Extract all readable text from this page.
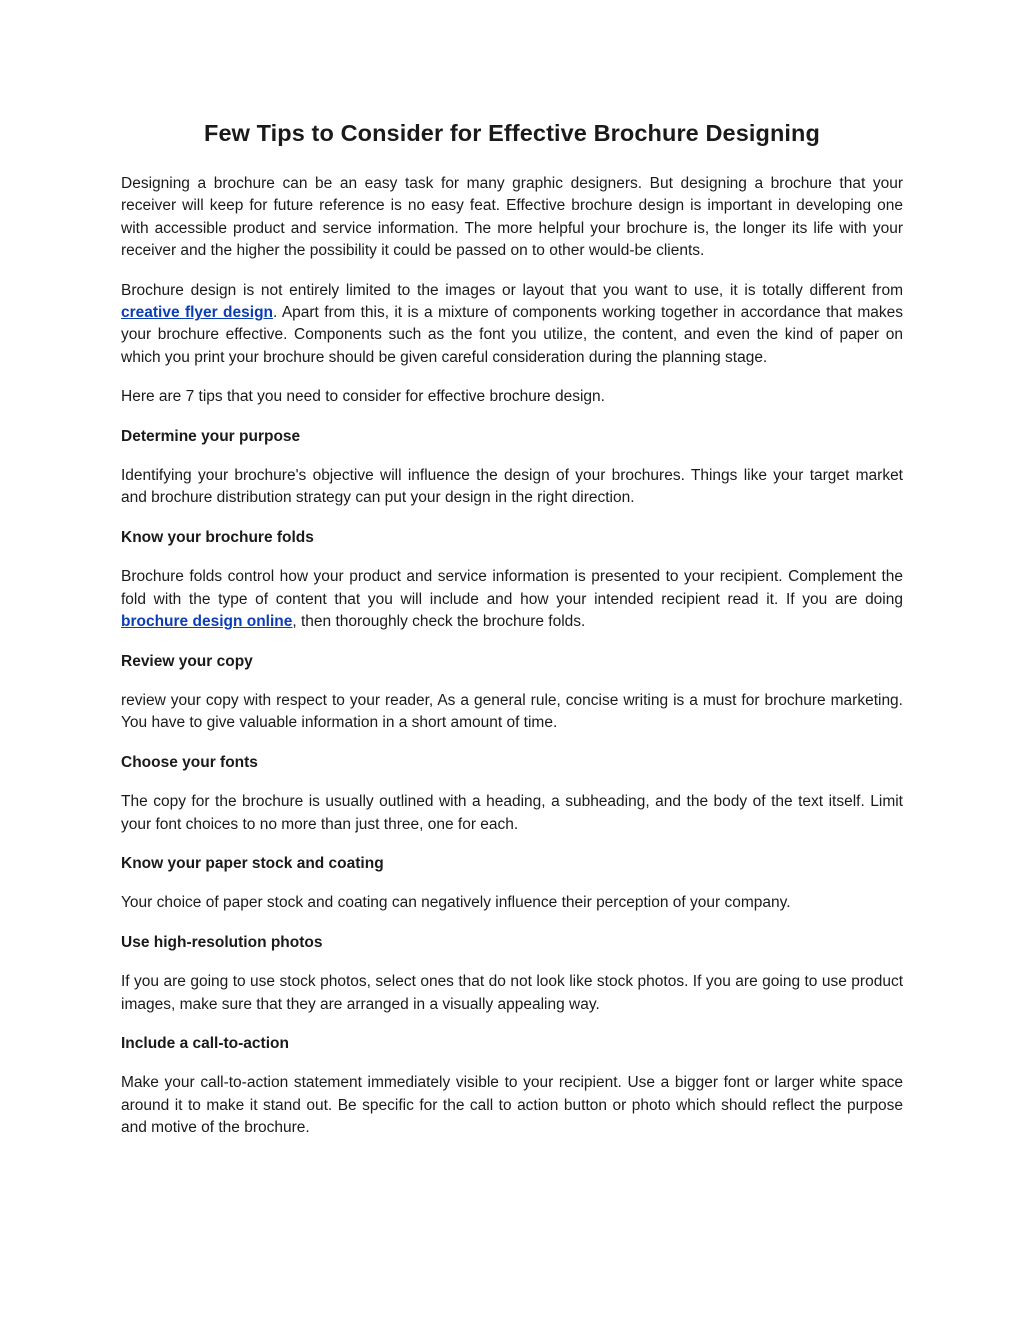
Few Tips to Consider for Effective Brochure Designing

Designing a brochure can be an easy task for many graphic designers. But designing a brochure that your receiver will keep for future reference is no easy feat. Effective brochure design is important in developing one with accessible product and service information. The more helpful your brochure is, the longer its life with your receiver and the higher the possibility it could be passed on to other would-be clients.

Brochure design is not entirely limited to the images or layout that you want to use, it is totally different from creative flyer design. Apart from this, it is a mixture of components working together in accordance that makes your brochure effective. Components such as the font you utilize, the content, and even the kind of paper on which you print your brochure should be given careful consideration during the planning stage.

Here are 7 tips that you need to consider for effective brochure design.

Determine your purpose

Identifying your brochure's objective will influence the design of your brochures. Things like your target market and brochure distribution strategy can put your design in the right direction.

Know your brochure folds

Brochure folds control how your product and service information is presented to your recipient. Complement the fold with the type of content that you will include and how your intended recipient read it. If you are doing brochure design online, then thoroughly check the brochure folds.

Review your copy

review your copy with respect to your reader, As a general rule, concise writing is a must for brochure marketing. You have to give valuable information in a short amount of time.

Choose your fonts

The copy for the brochure is usually outlined with a heading, a subheading, and the body of the text itself. Limit your font choices to no more than just three, one for each.

Know your paper stock and coating

Your choice of paper stock and coating can negatively influence their perception of your company.

Use high-resolution photos

If you are going to use stock photos, select ones that do not look like stock photos. If you are going to use product images, make sure that they are arranged in a visually appealing way.

Include a call-to-action

Make your call-to-action statement immediately visible to your recipient. Use a bigger font or larger white space around it to make it stand out. Be specific for the call to action button or photo which should reflect the purpose and motive of the brochure.
